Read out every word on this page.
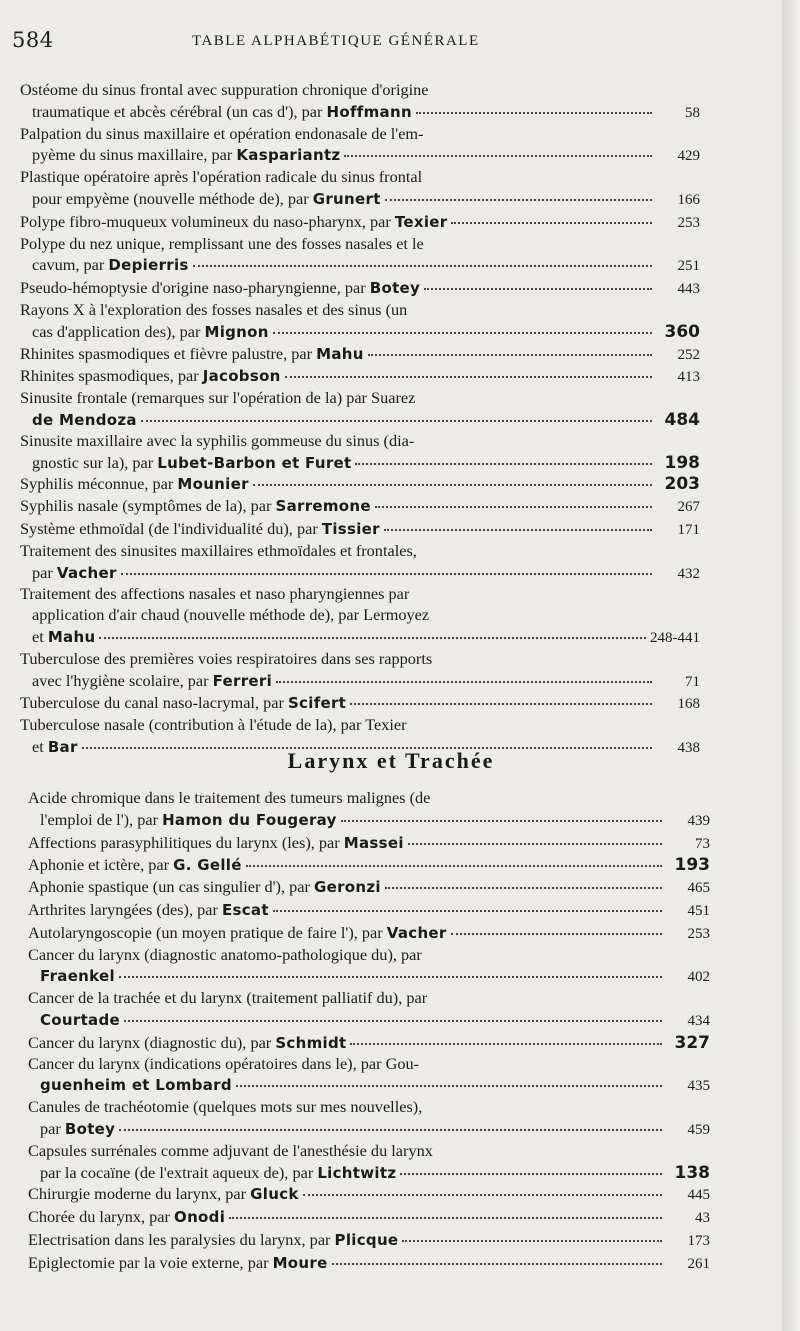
584	TABLE ALPHABÉTIQUE GÉNÉRALE
Ostéome du sinus frontal avec suppuration chronique d'origine
traumatique et abcès cérébral (un cas d'), par Hoffmann	58
Palpation du sinus maxillaire et opération endonasale de l'em-
pyème du sinus maxillaire, par Kaspariantz	429
Plastique opératoire après l'opération radicale du sinus frontal
pour empyème (nouvelle méthode de), par Grunert	166
Polype fibro-muqueux volumineux du naso-pharynx, par Texier	253
Polype du nez unique, remplissant une des fosses nasales et le
cavum, par Depierris	251
Pseudo-hémoptysie d'origine naso-pharyngienne, par Botey	443
Rayons X à l'exploration des fosses nasales et des sinus (un
cas d'application des), par Mignon	360
Rhinites spasmodiques et fièvre palustre, par Mahu	252
Rhinites spasmodiques, par Jacobson	413
Sinusite frontale (remarques sur l'opération de la) par Suarez
de Mendoza	484
Sinusite maxillaire avec la syphilis gommeuse du sinus (dia-
gnostic sur la), par Lubet-Barbon et Furet	198
Syphilis méconnue, par Mounier	203
Syphilis nasale (symptômes de la), par Sarremone	267
Système ethmoïdal (de l'individualité du), par Tissier	171
Traitement des sinusites maxillaires ethmoïdales et frontales,
par Vacher	432
Traitement des affections nasales et naso pharyngiennes par
application d'air chaud (nouvelle méthode de), par Lermoyez
et Mahu	248-441
Tuberculose des premières voies respiratoires dans ses rapports
avec l'hygiène scolaire, par Ferreri	71
Tuberculose du canal naso-lacrymal, par Scifert	168
Tuberculose nasale (contribution à l'étude de la), par Texier
et Bar	438
Larynx et Trachée
Acide chromique dans le traitement des tumeurs malignes (de
l'emploi de l'), par Hamon du Fougeray	439
Affections parasyphilitiques du larynx (les), par Massei	73
Aphonie et ictère, par G. Gellé	193
Aphonie spastique (un cas singulier d'), par Geronzi	465
Arthrites laryngées (des), par Escat	451
Autolaryngoscopie (un moyen pratique de faire l'), par Vacher	253
Cancer du larynx (diagnostic anatomo-pathologique du), par
Fraenkel	402
Cancer de la trachée et du larynx (traitement palliatif du), par
Courtade	434
Cancer du larynx (diagnostic du), par Schmidt	327
Cancer du larynx (indications opératoires dans le), par Gou-
guenheim et Lombard	435
Canules de trachéotomie (quelques mots sur mes nouvelles),
par Botey	459
Capsules surrénales comme adjuvant de l'anesthésie du larynx
par la cocaïne (de l'extrait aqueux de), par Lichtwitz	138
Chirurgie moderne du larynx, par Gluck	445
Chorée du larynx, par Onodi	43
Electrisation dans les paralysies du larynx, par Plicque	173
Epiglectomie par la voie externe, par Moure	261
